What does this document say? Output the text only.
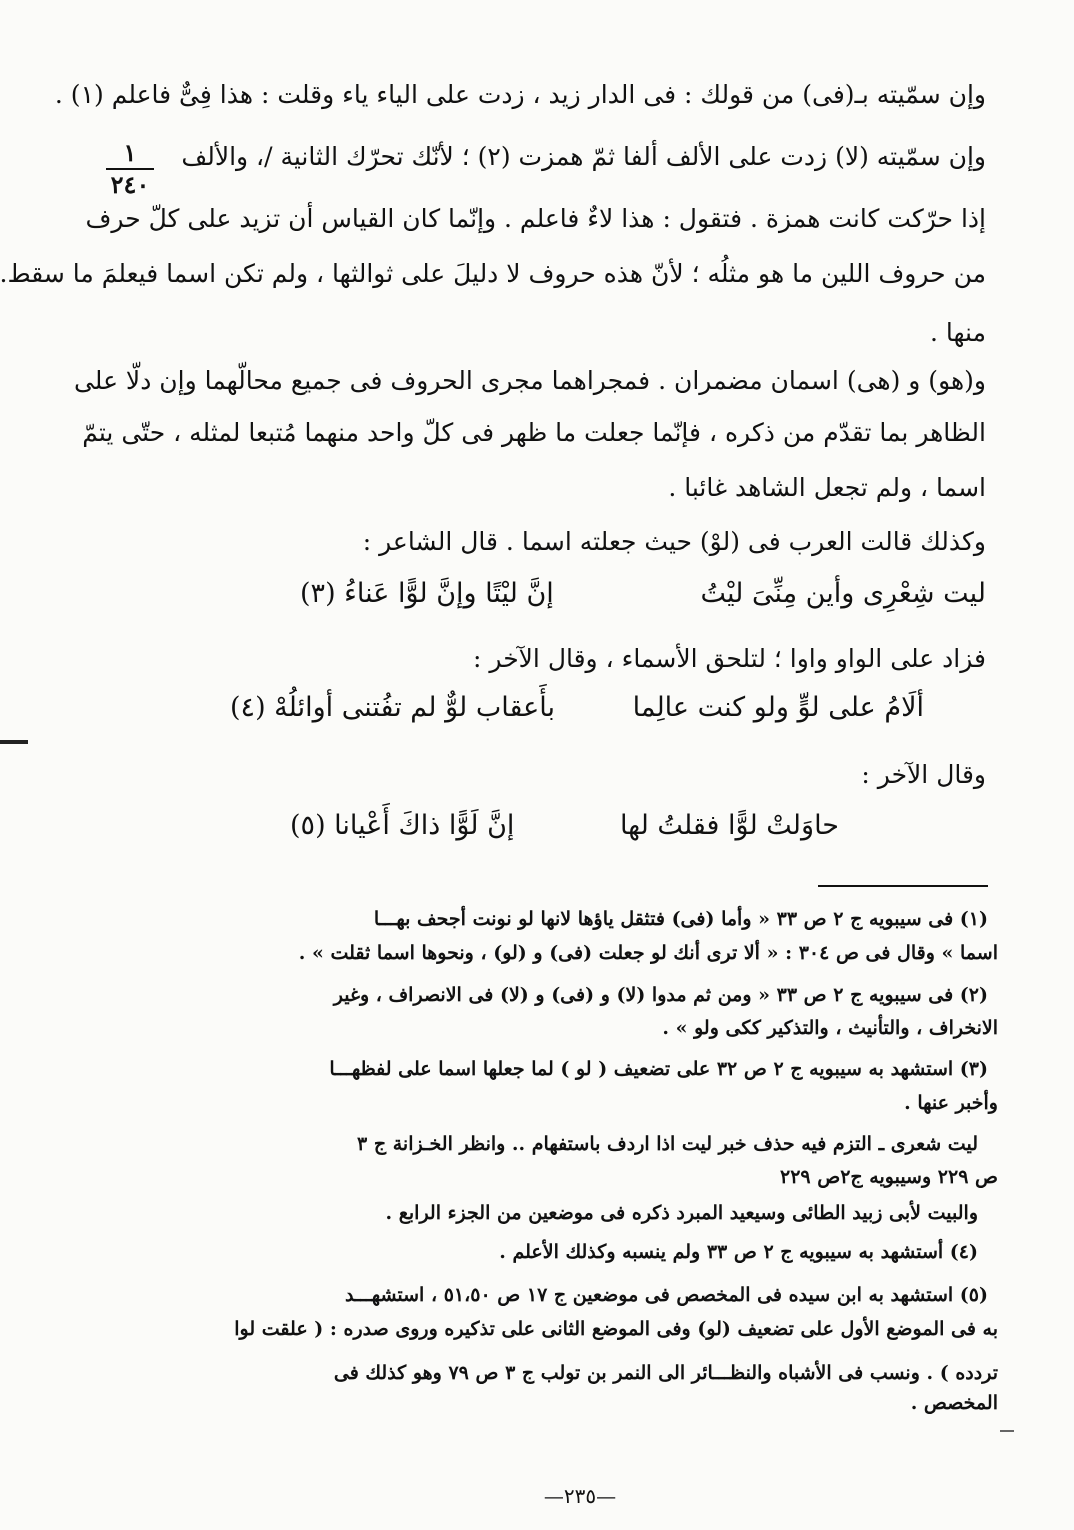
١
٢٤٠
وإن سمّيته بـ(فى) من قولك : فى الدار زيد ، زدت على الياء ياء وقلت : هذا فِىٌّ فاعلم (١) .
وإن سمّيته (لا) زدت على الألف ألفا ثمّ همزت (٢) ؛ لأنّك تحرّك الثانية /، والألف
إذا حرّكت كانت همزة . فتقول : هذا لاءٌ فاعلم . وإنّما كان القياس أن تزيد على كلّ حرف
من حروف اللين ما هو مثلُه ؛ لأنّ هذه حروف لا دليلَ على ثوالثها ، ولم تكن اسما فيعلمَ ما سقط.
منها .
و(هو) و (هى) اسمان مضمران . فمجراهما مجرى الحروف فى جميع محالّهما وإن دلّا على
الظاهر بما تقدّم من ذكره ، فإنّما جعلت ما ظهر فى كلّ واحد منهما مُتبعا لمثله ، حتّى يتمّ
اسما ، ولم تجعل الشاهد غائبا .
وكذلك قالت العرب فى (لوْ) حيث جعلته اسما . قال الشاعر :
ليت شِعْرِى وأين مِنِّىَ ليْتُ
إنَّ ليْتًا وإنَّ لوًّا عَناءُ (٣)
فزاد على الواو واوا ؛ لتلحق الأسماء ، وقال الآخر :
ألَامُ على لوٍّ ولو كنت عالِما
بأَعقاب لوٌّ لم تفُتنى أوائلُهْ (٤)
وقال الآخر :
حاوَلتْ لوًّا فقلتُ لها
إنَّ لَوًّا ذاكَ أَعْيانا (٥)
(١) فى سيبويه ج ٢ ص ٣٣ « وأما (فى) فتثقل ياؤها لانها لو نونت أجحف بهـــا
اسما » وقال فى ص ٣٠٤ : « ألا ترى أنك لو جعلت (فى) و (لو) ، ونحوها اسما ثقلت » .
(٢) فى سيبويه ج ٢ ص ٣٣ « ومن ثم مدوا (لا) و (فى) و (لا) فى الانصراف ، وغير
الانخراف ، والتأنيث ، والتذكير ككى ولو » .
(٣) استشهد به سيبويه ج ٢ ص ٣٢ على تضعيف ( لو ) لما جعلها اسما على لفظهـــا
وأخبر عنها .
ليت شعرى ـ التزم فيه حذف خبر ليت اذا اردف باستفهام .. وانظر الخـزانة ج ٣
ص ٢٢٩ وسيبويه ج٢ص ٢٢٩
والبيت لأبى زبيد الطائى وسيعيد المبرد ذكره فى موضعين من الجزء الرابع .
(٤) أستشهد به سيبويه ج ٢ ص ٣٣ ولم ينسبه وكذلك الأعلم .
(٥) استشهد به ابن سيده فى المخصص فى موضعين ج ١٧ ص ٥١،٥٠ ، استشهـــد
به فى الموضع الأول على تضعيف (لو) وفى الموضع الثانى على تذكيره وروى صدره : ( علقت لوا
تردده ) . ونسب فى الأشباه والنظـــائر الى النمر بن تولب ج ٣ ص ٧٩ وهو كذلك فى
المخصص .
—٢٣٥—
